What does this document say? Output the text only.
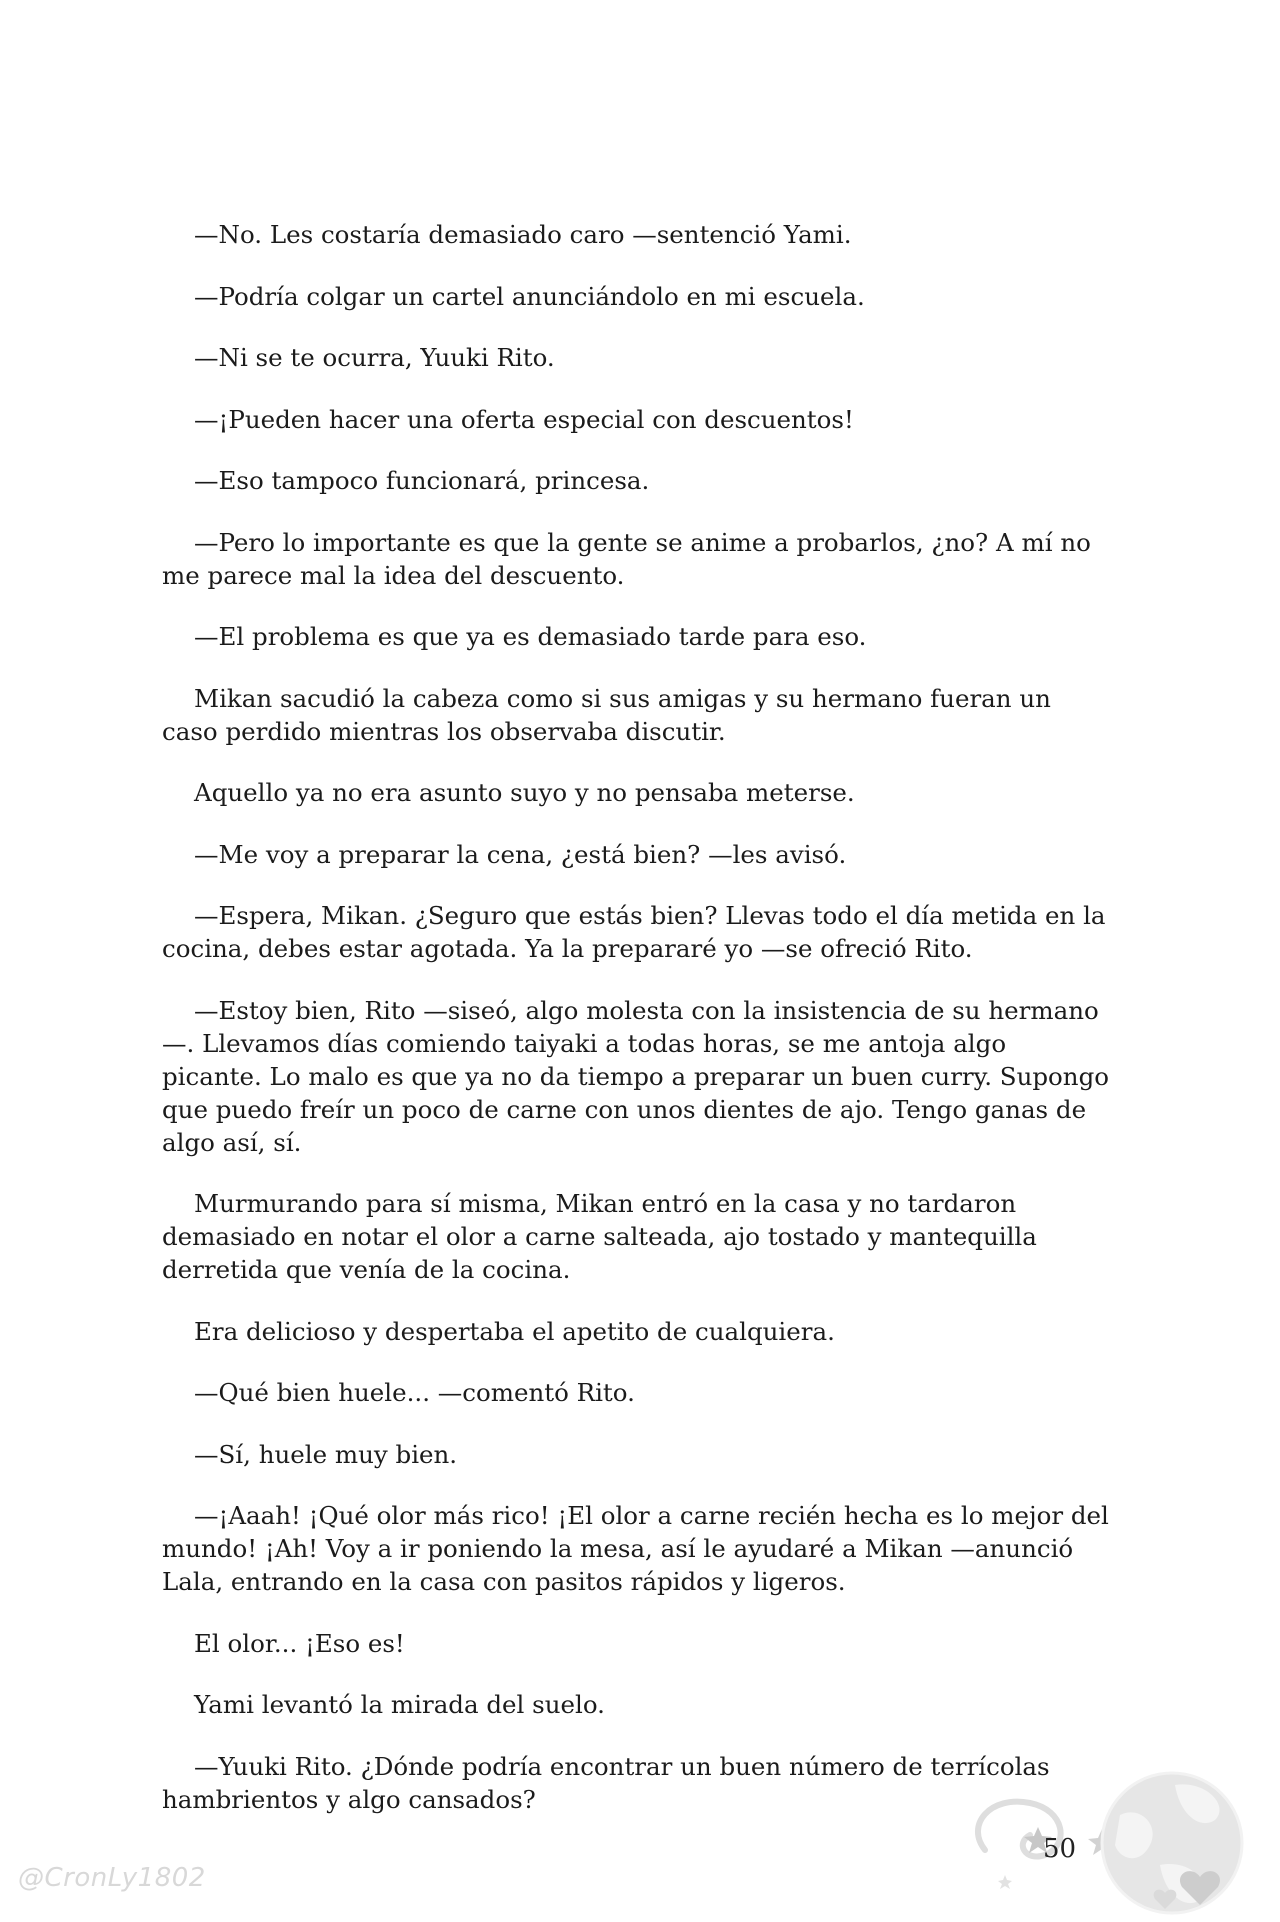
—No. Les costaría demasiado caro —sentenció Yami.

—Podría colgar un cartel anunciándolo en mi escuela.

—Ni se te ocurra, Yuuki Rito.

—¡Pueden hacer una oferta especial con descuentos!

—Eso tampoco funcionará, princesa.

—Pero lo importante es que la gente se anime a probarlos, ¿no? A mí no me parece mal la idea del descuento.

—El problema es que ya es demasiado tarde para eso.

Mikan sacudió la cabeza como si sus amigas y su hermano fueran un caso perdido mientras los observaba discutir.

Aquello ya no era asunto suyo y no pensaba meterse.

—Me voy a preparar la cena, ¿está bien? —les avisó.

—Espera, Mikan. ¿Seguro que estás bien? Llevas todo el día metida en la cocina, debes estar agotada. Ya la prepararé yo —se ofreció Rito.

—Estoy bien, Rito —siseó, algo molesta con la insistencia de su hermano—. Llevamos días comiendo taiyaki a todas horas, se me antoja algo picante. Lo malo es que ya no da tiempo a preparar un buen curry. Supongo que puedo freír un poco de carne con unos dientes de ajo. Tengo ganas de algo así, sí.

Murmurando para sí misma, Mikan entró en la casa y no tardaron demasiado en notar el olor a carne salteada, ajo tostado y mantequilla derretida que venía de la cocina.

Era delicioso y despertaba el apetito de cualquiera.

—Qué bien huele... —comentó Rito.

—Sí, huele muy bien.

—¡Aaah! ¡Qué olor más rico! ¡El olor a carne recién hecha es lo mejor del mundo! ¡Ah! Voy a ir poniendo la mesa, así le ayudaré a Mikan —anunció Lala, entrando en la casa con pasitos rápidos y ligeros.

El olor... ¡Eso es!

Yami levantó la mirada del suelo.

—Yuuki Rito. ¿Dónde podría encontrar un buen número de terrícolas hambrientos y algo cansados?

@CronLy1802
50
